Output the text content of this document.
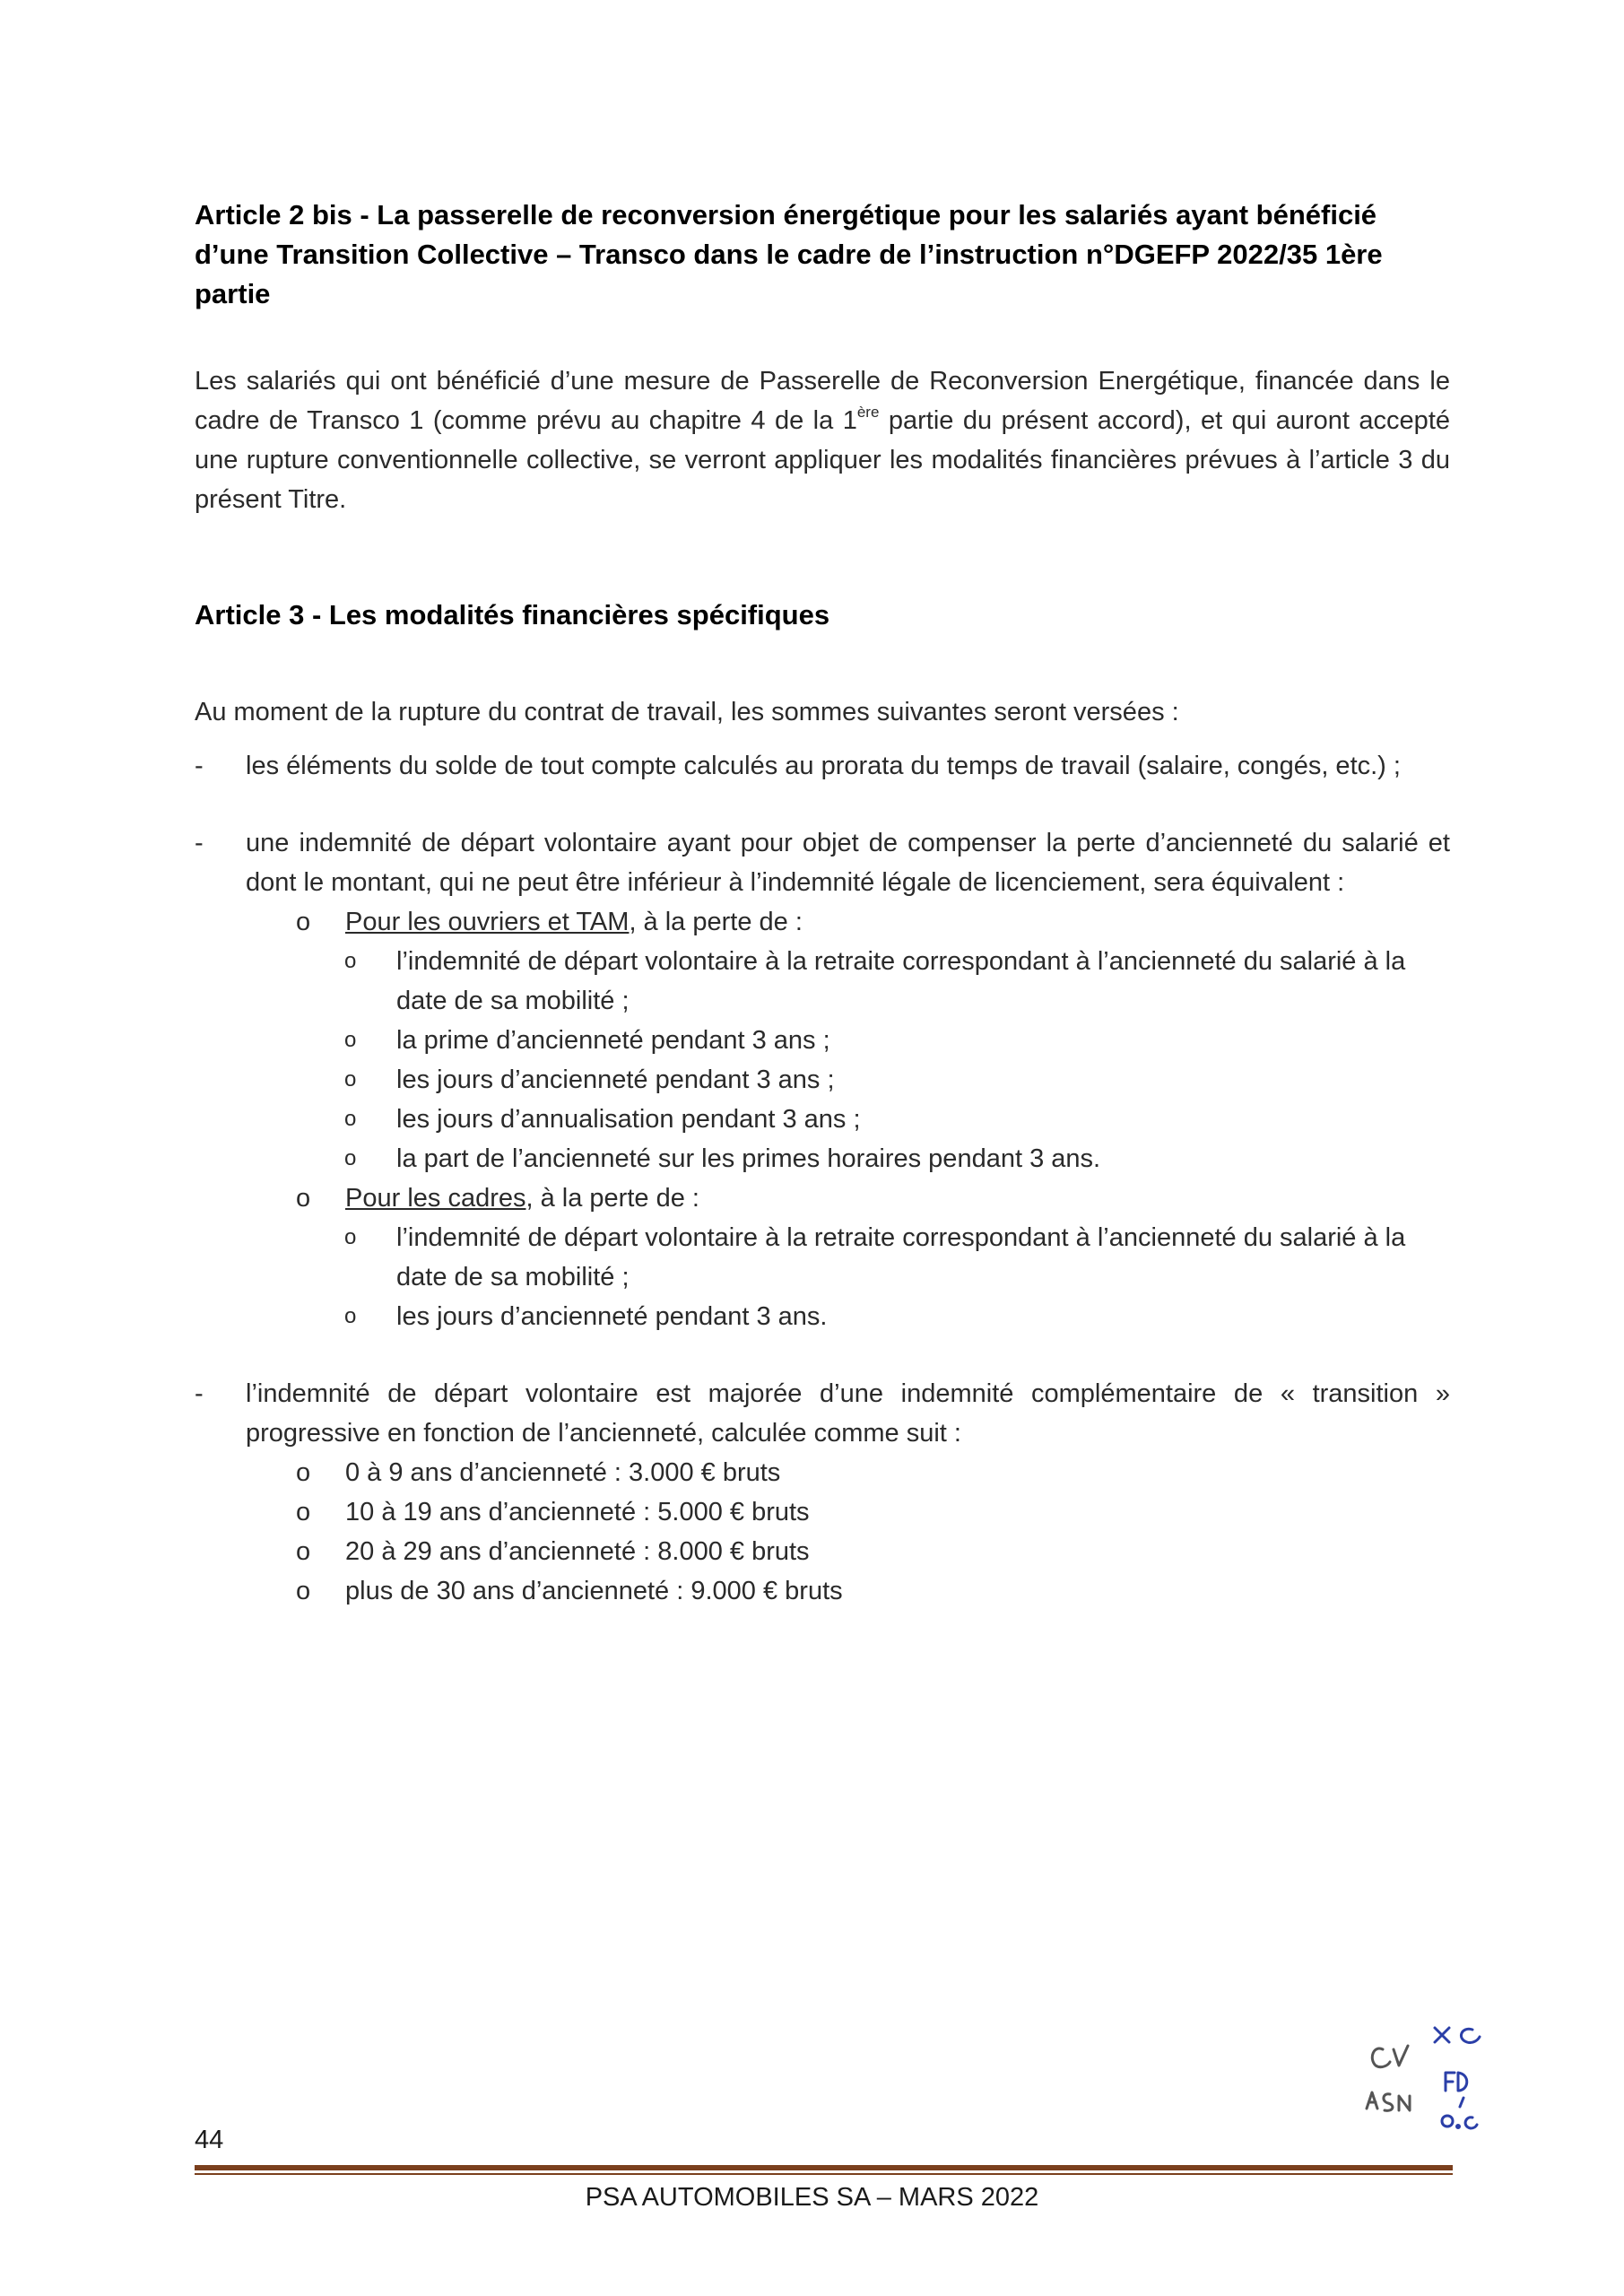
Article 2 bis - La passerelle de reconversion énergétique pour les salariés ayant bénéficié d’une Transition Collective – Transco dans le cadre de l’instruction n°DGEFP 2022/35 1ère partie

Les salariés qui ont bénéficié d’une mesure de Passerelle de Reconversion Energétique, financée dans le cadre de Transco 1 (comme prévu au chapitre 4 de la 1ère partie du présent accord), et qui auront accepté une rupture conventionnelle collective, se verront appliquer les modalités financières prévues à l’article 3 du présent Titre.

Article 3 - Les modalités financières spécifiques

Au moment de la rupture du contrat de travail, les sommes suivantes seront versées :

- les éléments du solde de tout compte calculés au prorata du temps de travail (salaire, congés, etc.) ;
- une indemnité de départ volontaire ayant pour objet de compenser la perte d’ancienneté du salarié et dont le montant, qui ne peut être inférieur à l’indemnité légale de licenciement, sera équivalent :
o Pour les ouvriers et TAM, à la perte de :
o l’indemnité de départ volontaire à la retraite correspondant à l’ancienneté du salarié à la date de sa mobilité ;
o la prime d’ancienneté pendant 3 ans ;
o les jours d’ancienneté pendant 3 ans ;
o les jours d’annualisation pendant 3 ans ;
o la part de l’ancienneté sur les primes horaires pendant 3 ans.
o Pour les cadres, à la perte de :
o l’indemnité de départ volontaire à la retraite correspondant à l’ancienneté du salarié à la date de sa mobilité ;
o les jours d’ancienneté pendant 3 ans.
- l’indemnité de départ volontaire est majorée d’une indemnité complémentaire de « transition » progressive en fonction de l’ancienneté, calculée comme suit :
o 0 à 9 ans d’ancienneté : 3.000 € bruts
o 10 à 19 ans d’ancienneté : 5.000 € bruts
o 20 à 29 ans d’ancienneté : 8.000 € bruts
o plus de 30 ans d’ancienneté : 9.000 € bruts
44
PSA AUTOMOBILES SA – MARS 2022
